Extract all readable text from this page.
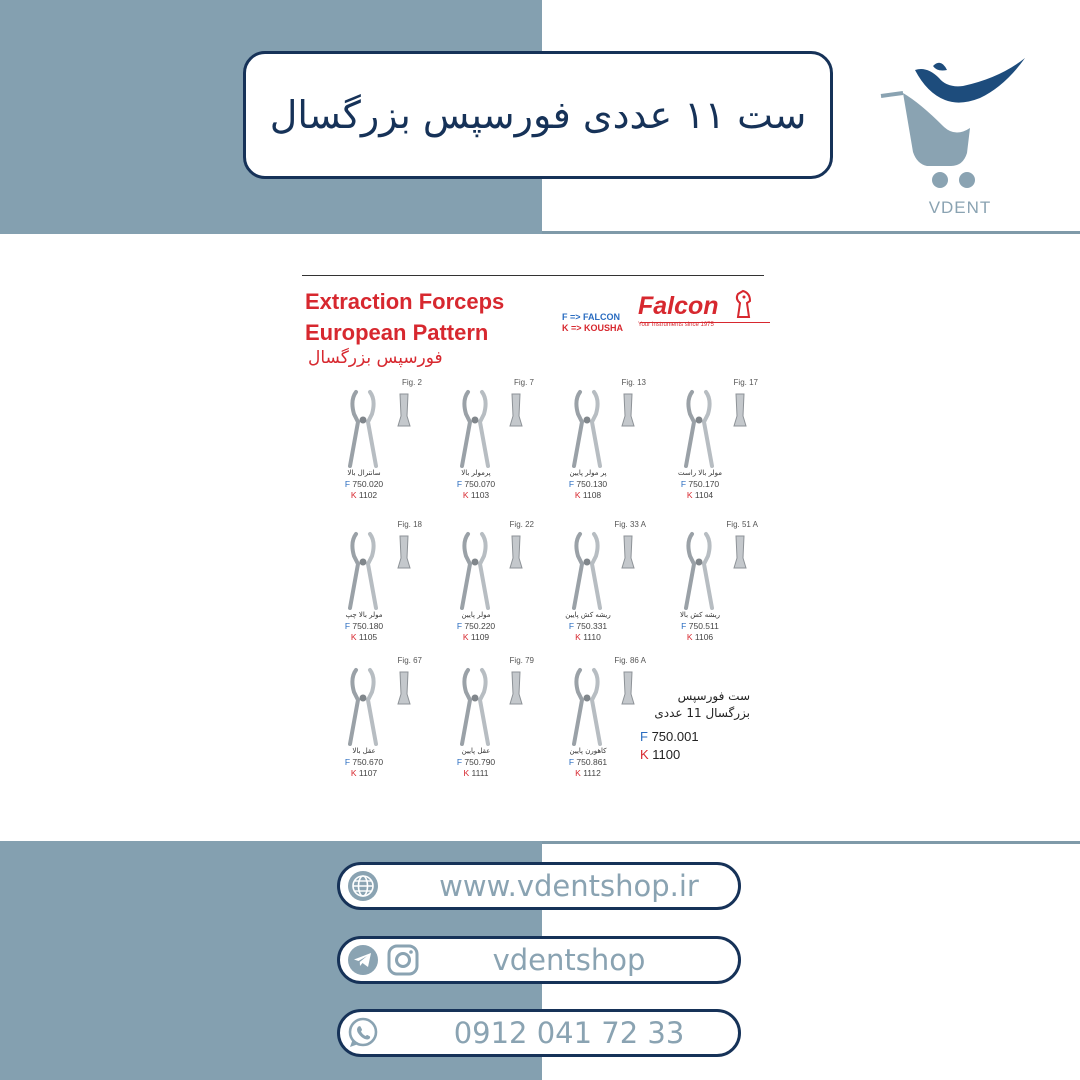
ست ۱۱ عددی فورسپس بزرگسال
VDENT
Extraction Forceps
European Pattern
فورسپس بزرگسال
F => FALCON
K => KOUSHA
Falcon
Your Instruments since 1975
Fig. 2
سانترال بالا
F 750.020
K 1102
Fig. 7
پرمولر بالا
F 750.070
K 1103
Fig. 13
پر مولر پایین
F 750.130
K 1108
Fig. 17
مولر بالا راست
F 750.170
K 1104
Fig. 18
مولر بالا چپ
F 750.180
K 1105
Fig. 22
مولر پایین
F 750.220
K 1109
Fig. 33 A
ریشه کش پایین
F 750.331
K 1110
Fig. 51 A
ریشه کش بالا
F 750.511
K 1106
Fig. 67
عقل بالا
F 750.670
K 1107
Fig. 79
عقل پایین
F 750.790
K 1111
Fig. 86 A
کاهورن پایین
F 750.861
K 1112
ست فورسپس بزرگسال 11 عددی
F 750.001
K 1100
www.vdentshop.ir
vdentshop
0912 041 72 33
